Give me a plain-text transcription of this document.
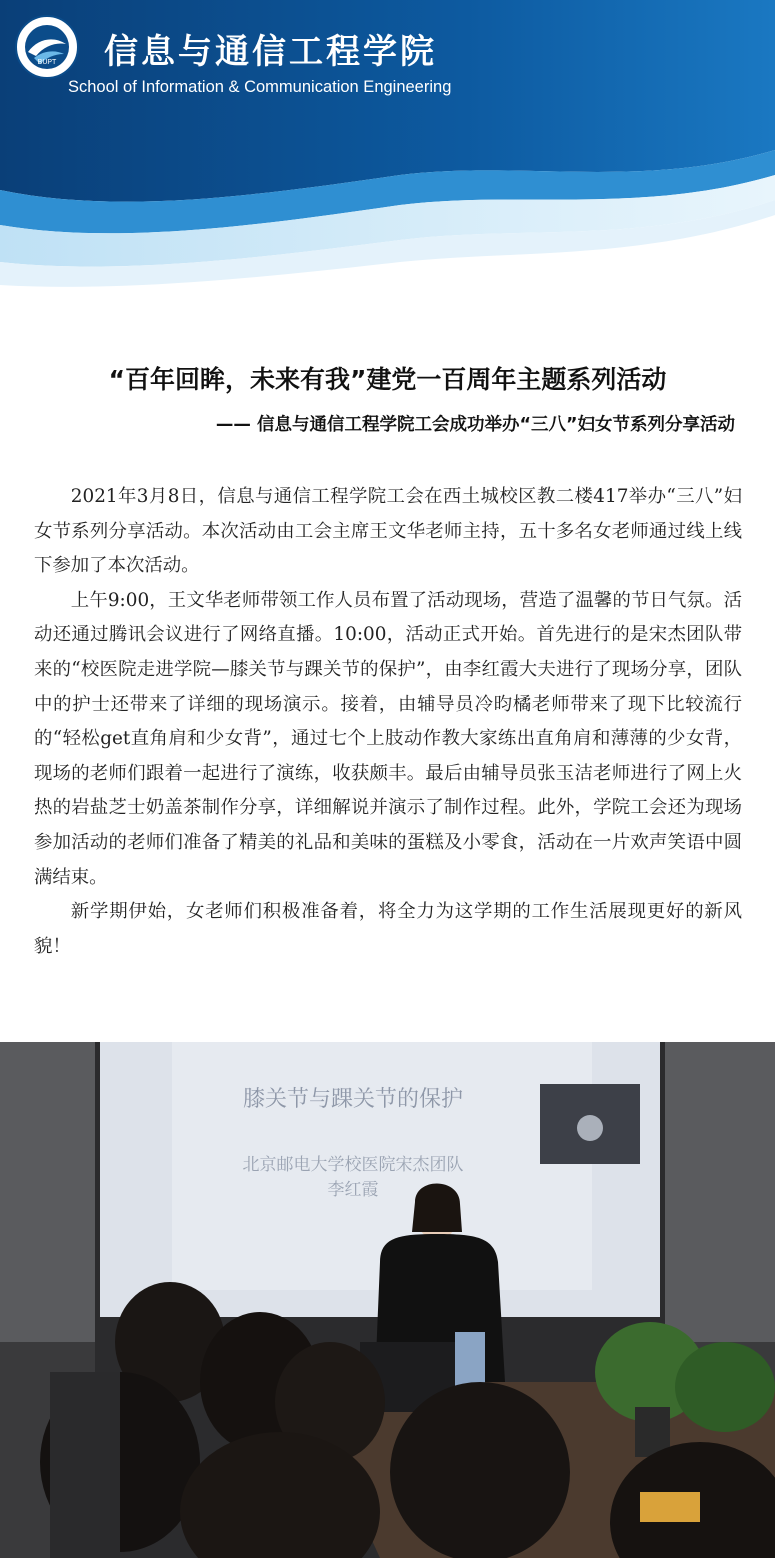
BUPT 信息与通信工程学院
School of Information & Communication Engineering
“百年回眸，未来有我”建党一百周年主题系列活动
—— 信息与通信工程学院工会成功举办“三八”妇女节系列分享活动

2021年3月8日，信息与通信工程学院工会在西土城校区教二楼417举办“三八”妇女节系列分享活动。本次活动由工会主席王文华老师主持，五十多名女老师通过线上线下参加了本次活动。

上午9:00，王文华老师带领工作人员布置了活动现场，营造了温馨的节日气氛。活动还通过腾讯会议进行了网络直播。10:00，活动正式开始。首先进行的是宋杰团队带来的“校医院走进学院—膝关节与踝关节的保护”，由李红霞大夫进行了现场分享，团队中的护士还带来了详细的现场演示。接着，由辅导员冷昀橘老师带来了现下比较流行的“轻松get直角肩和少女背”，通过七个上肢动作教大家练出直角肩和薄薄的少女背，现场的老师们跟着一起进行了演练，收获颇丰。最后由辅导员张玉洁老师进行了网上火热的岩盐芝士奶盖茶制作分享，详细解说并演示了制作过程。此外，学院工会还为现场参加活动的老师们准备了精美的礼品和美味的蛋糕及小零食，活动在一片欢声笑语中圆满结束。

新学期伊始，女老师们积极准备着，将全力为这学期的工作生活展现更好的新风貌！

膝关节与踝关节的保护
北京邮电大学校医院宋杰团队
李红霞
